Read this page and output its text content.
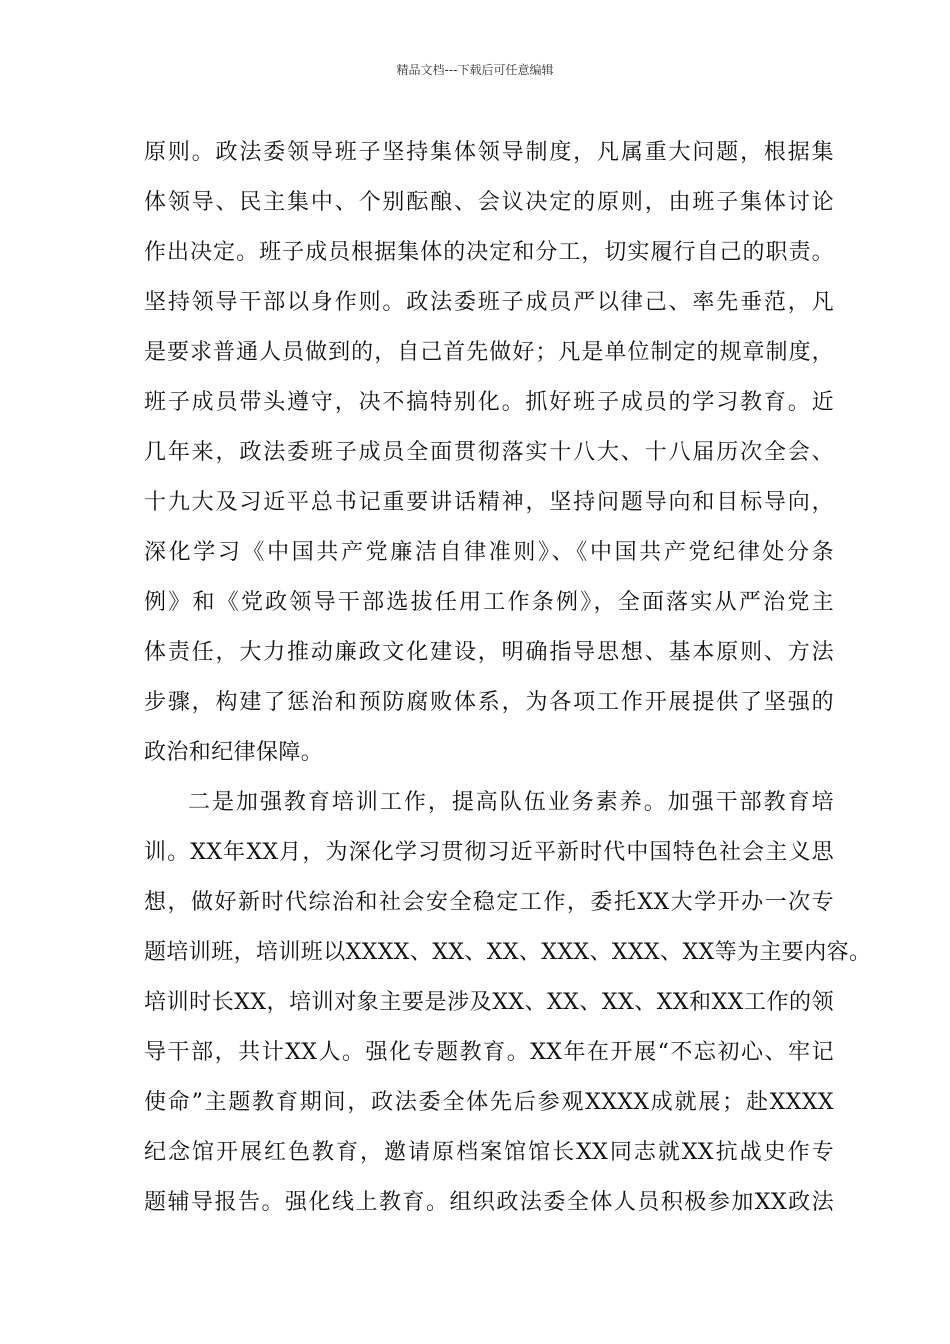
精品文档---下载后可任意编辑
原则。政法委领导班子坚持集体领导制度，凡属重大问题，根据集
体领导、民主集中、个别酝酿、会议决定的原则，由班子集体讨论
作出决定。班子成员根据集体的决定和分工，切实履行自己的职责。
坚持领导干部以身作则。政法委班子成员严以律己、率先垂范，凡
是要求普通人员做到的，自己首先做好；凡是单位制定的规章制度，
班子成员带头遵守，决不搞特别化。抓好班子成员的学习教育。近
几年来，政法委班子成员全面贯彻落实十八大、十八届历次全会、
十九大及习近平总书记重要讲话精神，坚持问题导向和目标导向，
深化学习《中国共产党廉洁自律准则》、《中国共产党纪律处分条
例》和《党政领导干部选拔任用工作条例》，全面落实从严治党主
体责任，大力推动廉政文化建设，明确指导思想、基本原则、方法
步骤，构建了惩治和预防腐败体系，为各项工作开展提供了坚强的
政治和纪律保障。
二是加强教育培训工作，提高队伍业务素养。加强干部教育培
训。XX年XX月，为深化学习贯彻习近平新时代中国特色社会主义思
想，做好新时代综治和社会安全稳定工作，委托XX大学开办一次专
题培训班，培训班以XXXX、XX、XX、XXX、XXX、XX等为主要内容。
培训时长XX，培训对象主要是涉及XX、XX、XX、XX和XX工作的领
导干部，共计XX人。强化专题教育。XX年在开展“不忘初心、牢记
使命”主题教育期间，政法委全体先后参观XXXX成就展；赴XXXX
纪念馆开展红色教育，邀请原档案馆馆长XX同志就XX抗战史作专
题辅导报告。强化线上教育。组织政法委全体人员积极参加XX政法
